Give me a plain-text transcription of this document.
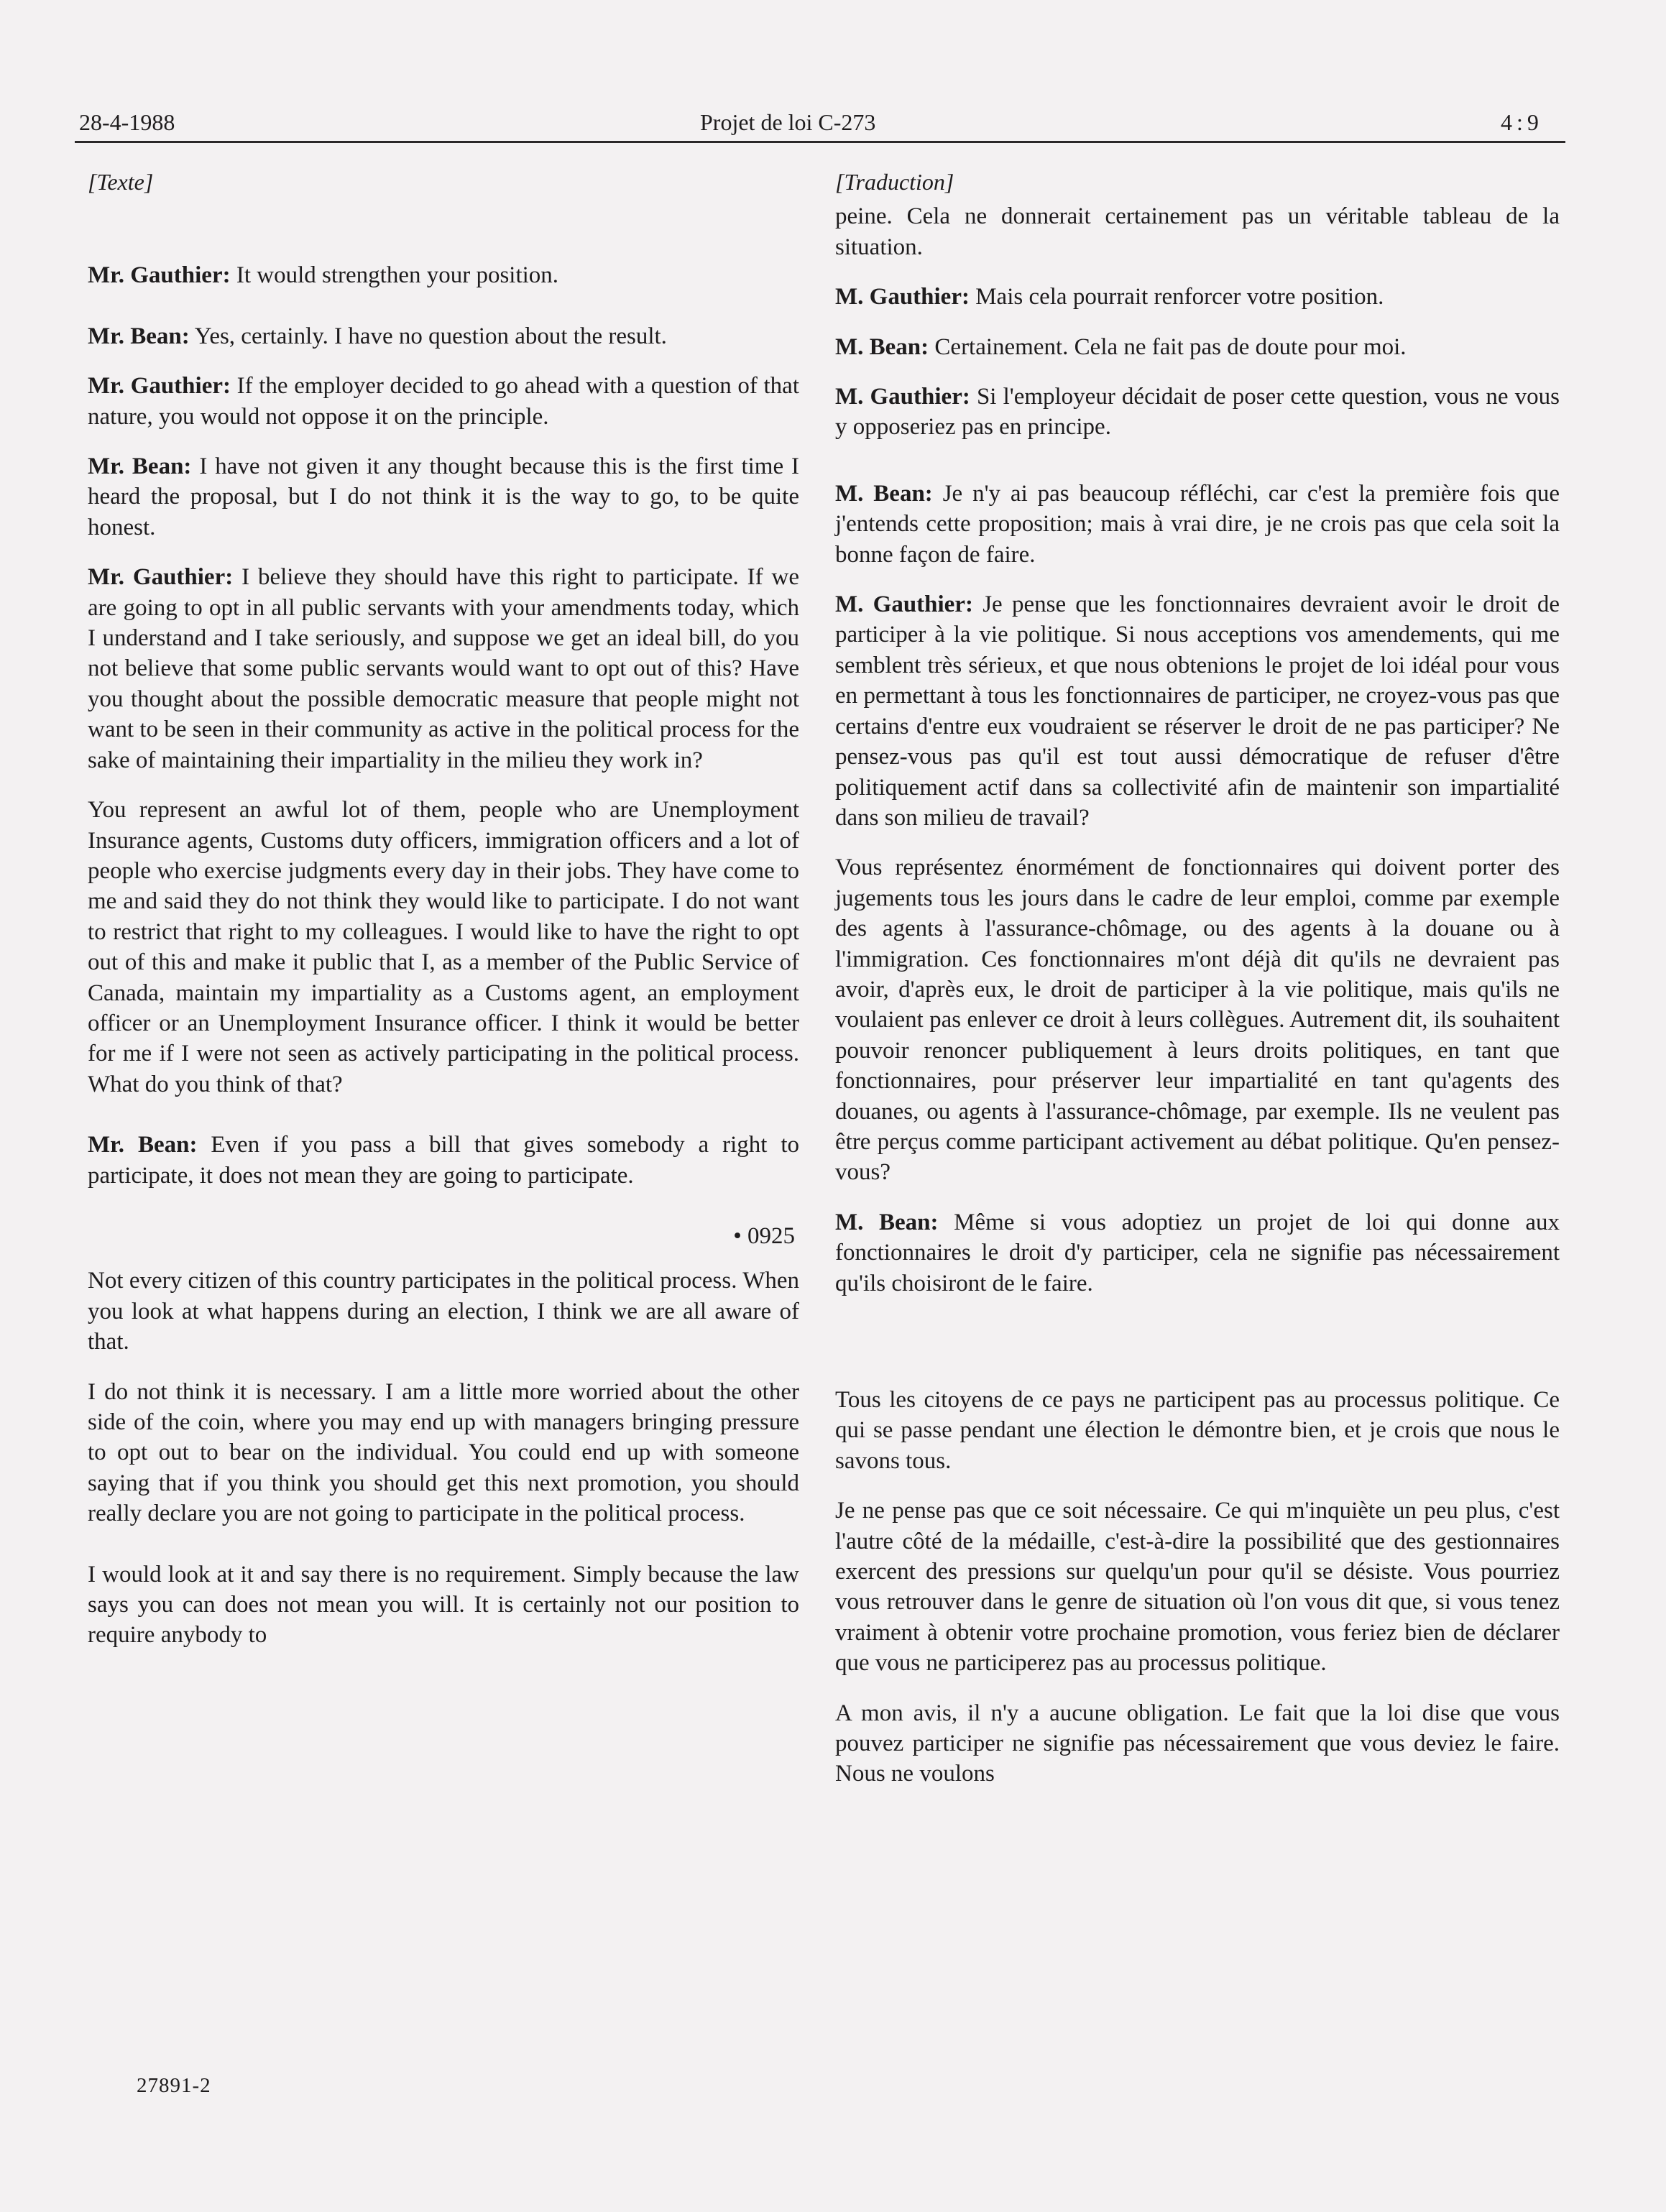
28-4-1988	Projet de loi C-273	4:9

[Texte]

Mr. Gauthier: It would strengthen your position.

Mr. Bean: Yes, certainly. I have no question about the result.

Mr. Gauthier: If the employer decided to go ahead with a question of that nature, you would not oppose it on the principle.

Mr. Bean: I have not given it any thought because this is the first time I heard the proposal, but I do not think it is the way to go, to be quite honest.

Mr. Gauthier: I believe they should have this right to participate. If we are going to opt in all public servants with your amendments today, which I understand and I take seriously, and suppose we get an ideal bill, do you not believe that some public servants would want to opt out of this? Have you thought about the possible democratic measure that people might not want to be seen in their community as active in the political process for the sake of maintaining their impartiality in the milieu they work in?

You represent an awful lot of them, people who are Unemployment Insurance agents, Customs duty officers, immigration officers and a lot of people who exercise judgments every day in their jobs. They have come to me and said they do not think they would like to participate. I do not want to restrict that right to my colleagues. I would like to have the right to opt out of this and make it public that I, as a member of the Public Service of Canada, maintain my impartiality as a Customs agent, an employment officer or an Unemployment Insurance officer. I think it would be better for me if I were not seen as actively participating in the political process. What do you think of that?

Mr. Bean: Even if you pass a bill that gives somebody a right to participate, it does not mean they are going to participate.

• 0925

Not every citizen of this country participates in the political process. When you look at what happens during an election, I think we are all aware of that.

I do not think it is necessary. I am a little more worried about the other side of the coin, where you may end up with managers bringing pressure to opt out to bear on the individual. You could end up with someone saying that if you think you should get this next promotion, you should really declare you are not going to participate in the political process.

I would look at it and say there is no requirement. Simply because the law says you can does not mean you will. It is certainly not our position to require anybody to

[Traduction]

peine. Cela ne donnerait certainement pas un véritable tableau de la situation.

M. Gauthier: Mais cela pourrait renforcer votre position.

M. Bean: Certainement. Cela ne fait pas de doute pour moi.

M. Gauthier: Si l'employeur décidait de poser cette question, vous ne vous y opposeriez pas en principe.

M. Bean: Je n'y ai pas beaucoup réfléchi, car c'est la première fois que j'entends cette proposition; mais à vrai dire, je ne crois pas que cela soit la bonne façon de faire.

M. Gauthier: Je pense que les fonctionnaires devraient avoir le droit de participer à la vie politique. Si nous acceptions vos amendements, qui me semblent très sérieux, et que nous obtenions le projet de loi idéal pour vous en permettant à tous les fonctionnaires de participer, ne croyez-vous pas que certains d'entre eux voudraient se réserver le droit de ne pas participer? Ne pensez-vous pas qu'il est tout aussi démocratique de refuser d'être politiquement actif dans sa collectivité afin de maintenir son impartialité dans son milieu de travail?

Vous représentez énormément de fonctionnaires qui doivent porter des jugements tous les jours dans le cadre de leur emploi, comme par exemple des agents à l'assurance-chômage, ou des agents à la douane ou à l'immigration. Ces fonctionnaires m'ont déjà dit qu'ils ne devraient pas avoir, d'après eux, le droit de participer à la vie politique, mais qu'ils ne voulaient pas enlever ce droit à leurs collègues. Autrement dit, ils souhaitent pouvoir renoncer publiquement à leurs droits politiques, en tant que fonctionnaires, pour préserver leur impartialité en tant qu'agents des douanes, ou agents à l'assurance-chômage, par exemple. Ils ne veulent pas être perçus comme participant activement au débat politique. Qu'en pensez-vous?

M. Bean: Même si vous adoptiez un projet de loi qui donne aux fonctionnaires le droit d'y participer, cela ne signifie pas nécessairement qu'ils choisiront de le faire.

Tous les citoyens de ce pays ne participent pas au processus politique. Ce qui se passe pendant une élection le démontre bien, et je crois que nous le savons tous.

Je ne pense pas que ce soit nécessaire. Ce qui m'inquiète un peu plus, c'est l'autre côté de la médaille, c'est-à-dire la possibilité que des gestionnaires exercent des pressions sur quelqu'un pour qu'il se désiste. Vous pourriez vous retrouver dans le genre de situation où l'on vous dit que, si vous tenez vraiment à obtenir votre prochaine promotion, vous feriez bien de déclarer que vous ne participerez pas au processus politique.

A mon avis, il n'y a aucune obligation. Le fait que la loi dise que vous pouvez participer ne signifie pas nécessairement que vous deviez le faire. Nous ne voulons

27891-2
